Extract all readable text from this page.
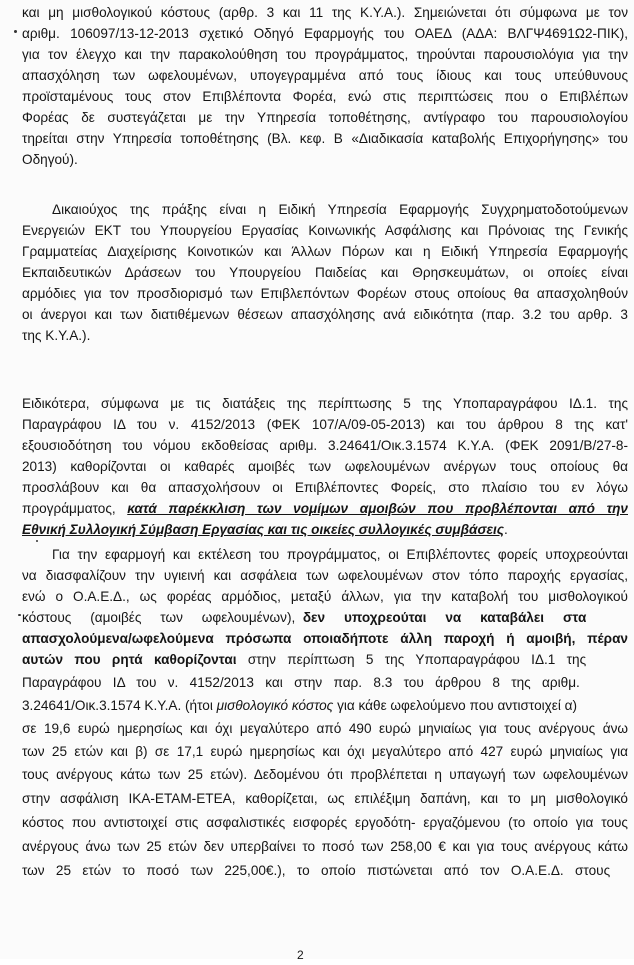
και μη μισθολογικού κόστους (αρθρ. 3 και 11 της Κ.Υ.Α.). Σημειώνεται ότι σύμφωνα με τον
αριθμ. 106097/13-12-2013 σχετικό Οδηγό Εφαρμογής του ΟΑΕΔ (ΑΔΑ: ΒΛΓΨ4691Ω2-ΠΙΚ),
για τον έλεγχο και την παρακολούθηση του προγράμματος, τηρούνται παρουσιολόγια για την
απασχόληση των ωφελουμένων, υπογεγραμμένα από τους ίδιους και τους υπεύθυνους
προϊσταμένους τους στον Επιβλέποντα Φορέα, ενώ στις περιπτώσεις που ο Επιβλέπων
Φορέας δε συστεγάζεται με την Υπηρεσία τοποθέτησης, αντίγραφο του παρουσιολογίου
τηρείται στην Υπηρεσία τοποθέτησης (Βλ. κεφ. Β «Διαδικασία καταβολής Επιχορήγησης» του
Οδηγού).
Δικαιούχος της πράξης είναι η Ειδική Υπηρεσία Εφαρμογής Συγχρηματοδοτούμενων
Ενεργειών ΕΚΤ του Υπουργείου Εργασίας Κοινωνικής Ασφάλισης και Πρόνοιας της Γενικής
Γραμματείας Διαχείρισης Κοινοτικών και Άλλων Πόρων και η Ειδική Υπηρεσία Εφαρμογής
Εκπαιδευτικών Δράσεων του Υπουργείου Παιδείας και Θρησκευμάτων, οι οποίες είναι
αρμόδιες για τον προσδιορισμό των Επιβλεπόντων Φορέων στους οποίους θα απασχοληθούν
οι άνεργοι και των διατιθέμενων θέσεων απασχόλησης ανά ειδικότητα (παρ. 3.2 του αρθρ. 3
της Κ.Υ.Α.).
Ειδικότερα, σύμφωνα με τις διατάξεις της περίπτωσης 5 της Υποπαραγράφου ΙΔ.1. της
Παραγράφου ΙΔ του ν. 4152/2013 (ΦΕΚ 107/Α/09-05-2013) και του άρθρου 8 της κατ'
εξουσιοδότηση του νόμου εκδοθείσας αριθμ. 3.24641/Οικ.3.1574 Κ.Υ.Α. (ΦΕΚ 2091/Β/27-8-
2013) καθορίζονται οι καθαρές αμοιβές των ωφελουμένων ανέργων τους οποίους θα
προσλάβουν και θα απασχολήσουν οι Επιβλέποντες Φορείς, στο πλαίσιο του εν λόγω
προγράμματος, κατά παρέκκλιση των νομίμων αμοιβών που προβλέπονται από την
Εθνική Συλλογική Σύμβαση Εργασίας και τις οικείες συλλογικές συμβάσεις.
Για την εφαρμογή και εκτέλεση του προγράμματος, οι Επιβλέποντες φορείς υποχρεούνται
να διασφαλίζουν την υγιεινή και ασφάλεια των ωφελουμένων στον τόπο παροχής εργασίας,
ενώ ο Ο.Α.Ε.Δ., ως φορέας αρμόδιος, μεταξύ άλλων, για την καταβολή του μισθολογικού
κόστους     (αμοιβές     των     ωφελουμένων),  δεν     υποχρεούται     να     καταβάλει     στα
απασχολούμενα/ωφελούμενα πρόσωπα οποιαδήποτε άλλη παροχή ή αμοιβή, πέραν
αυτών   που   ρητά   καθορίζονται   στην   περίπτωση   5   της   Υποπαραγράφου   ΙΔ.1   της
Παραγράφου   ΙΔ   του   ν.   4152/2013   και   στην   παρ.   8.3   του   άρθρου   8   της   αριθμ.
3.24641/Οικ.3.1574 Κ.Υ.Α. (ήτοι μισθολογικό κόστος για κάθε ωφελούμενο που αντιστοιχεί α)
σε 19,6 ευρώ ημερησίως και όχι μεγαλύτερο από 490 ευρώ μηνιαίως για τους ανέργους άνω
των 25 ετών και β) σε 17,1 ευρώ ημερησίως και όχι μεγαλύτερο από 427 ευρώ μηνιαίως για
τους ανέργους κάτω των 25 ετών). Δεδομένου ότι προβλέπεται η υπαγωγή των ωφελουμένων
στην ασφάλιση ΙΚΑ-ΕΤΑΜ-ΕΤΕΑ, καθορίζεται, ως επιλέξιμη δαπάνη, και το μη μισθολογικό
κόστος που αντιστοιχεί στις ασφαλιστικές εισφορές εργοδότη- εργαζόμενου (το οποίο για τους
ανέργους άνω των 25 ετών δεν υπερβαίνει το ποσό των 258,00 € και για τους ανέργους κάτω
των   25   ετών   το   ποσό   των   225,00€.),   το   οποίο   πιστώνεται   από   τον   Ο.Α.Ε.Δ.   στους
2
